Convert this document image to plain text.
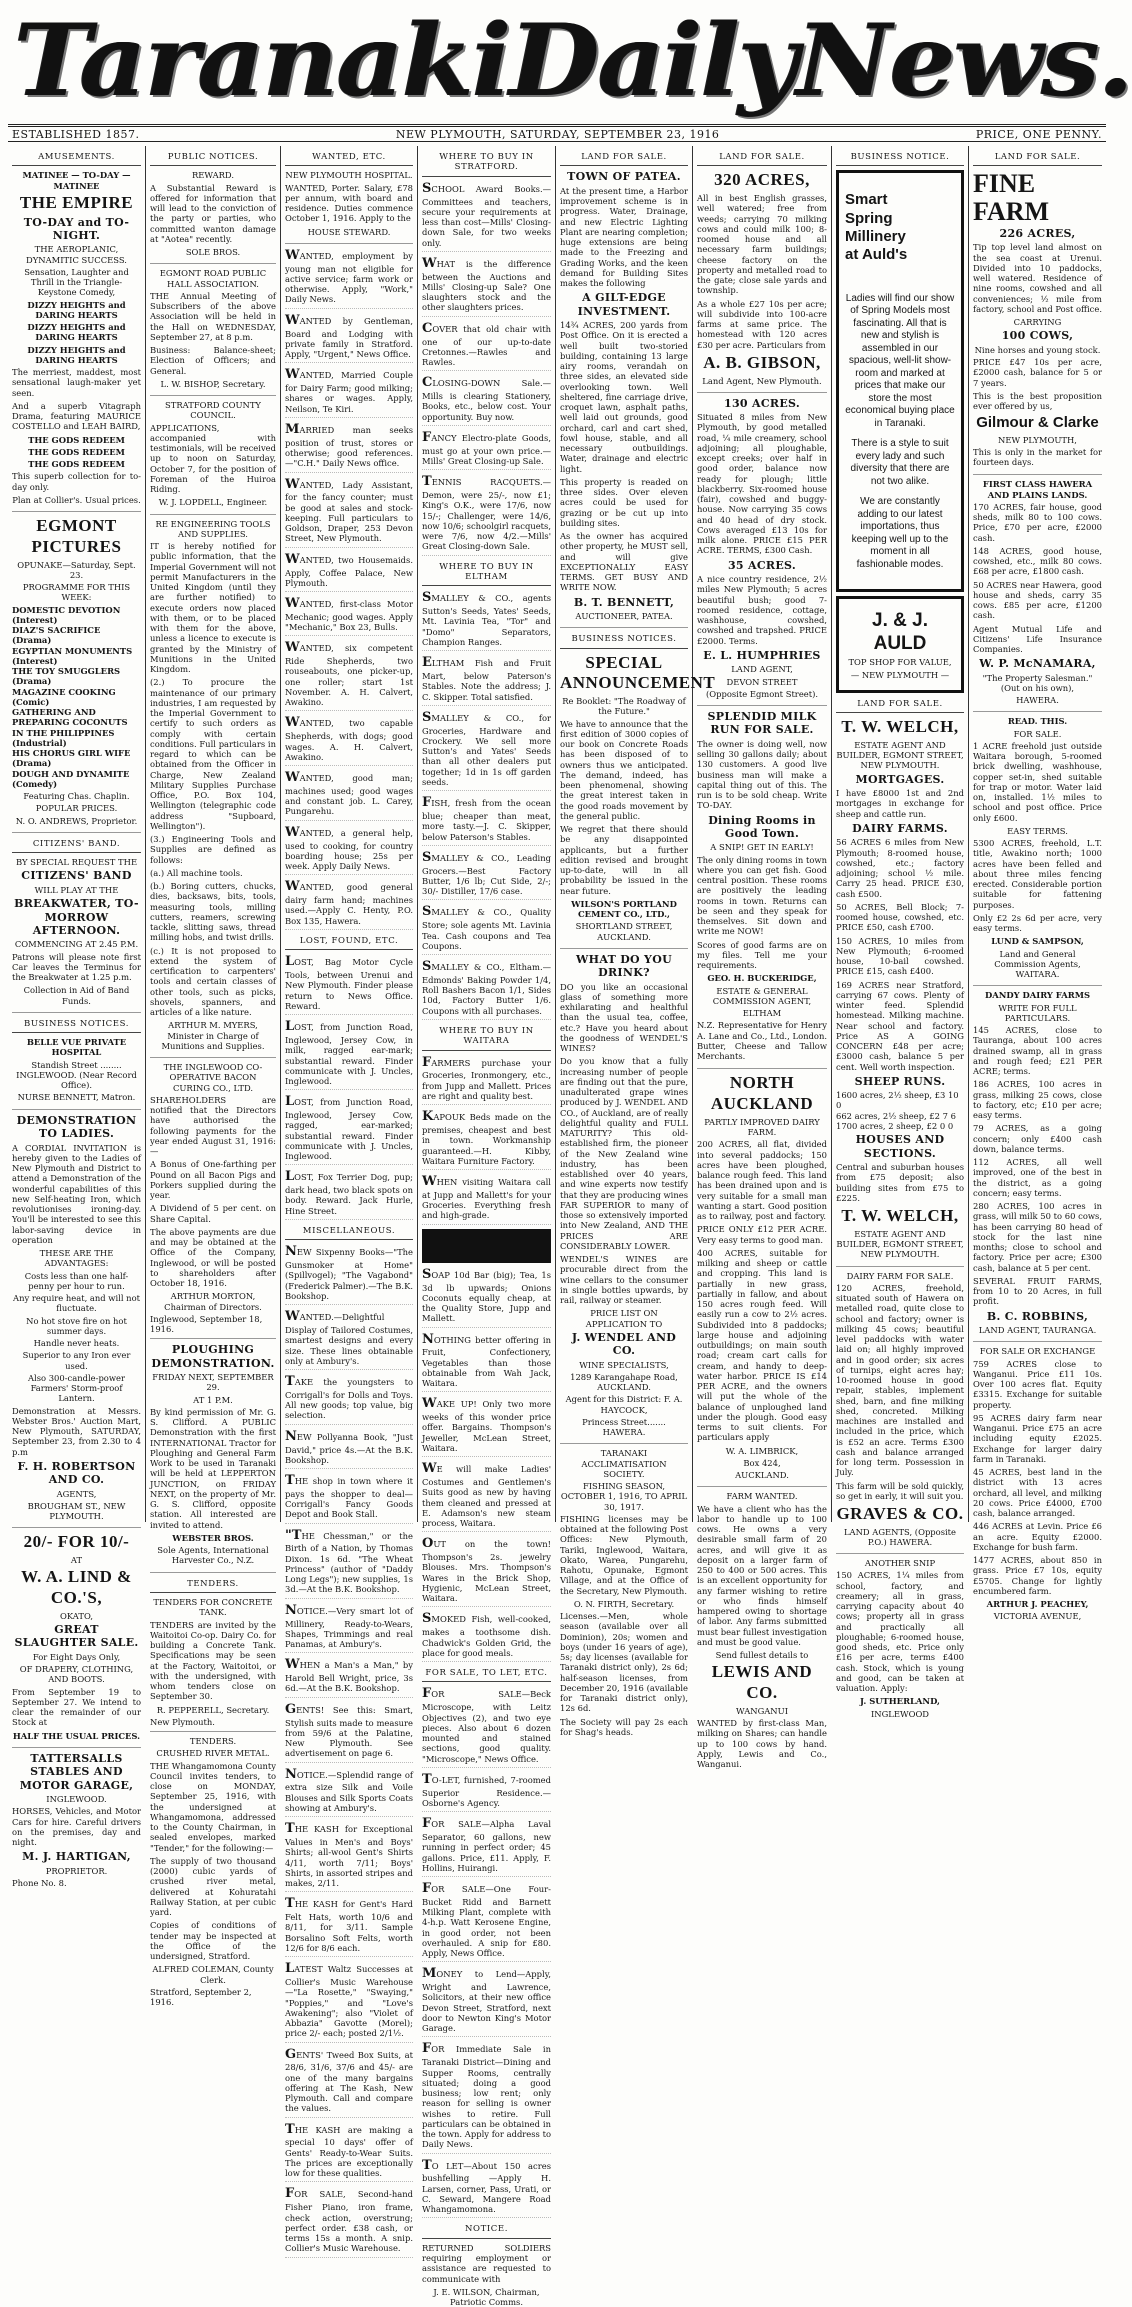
Taranaki Daily News.
ESTABLISHED 1857.	NEW PLYMOUTH, SATURDAY, SEPTEMBER 23, 1916	PRICE, ONE PENNY.
AMUSEMENTS.
MATINEE — TO-DAY — MATINEE
THE EMPIRE
TO-DAY and TO-NIGHT.
THE AEROPLANIC, DYNAMITIC SUCCESS.
Sensation, Laughter and Thrill in the Triangle-Keystone Comedy,
DIZZY HEIGHTS and DARING HEARTS
DIZZY HEIGHTS and DARING HEARTS
DIZZY HEIGHTS and DARING HEARTS
The merriest, maddest, most sensational laugh-maker yet seen.
And a superb Vitagraph Drama, featuring MAURICE COSTELLO and LEAH BAIRD,
THE GODS REDEEM
THE GODS REDEEM
THE GODS REDEEM
This superb collection for to-day only.
Plan at Collier's. Usual prices.
EGMONT PICTURES
OPUNAKE—Saturday, Sept. 23.
PROGRAMME FOR THIS WEEK:
DOMESTIC DEVOTION (Interest)
DIAZ'S SACRIFICE (Drama)
EGYPTIAN MONUMENTS (Interest)
THE TOY SMUGGLERS (Drama)
MAGAZINE COOKING (Comic)
GATHERING AND PREPARING COCONUTS IN THE PHILIPPINES (Industrial)
HIS CHORUS GIRL WIFE (Drama)
DOUGH AND DYNAMITE (Comedy)
Featuring Chas. Chaplin.
POPULAR PRICES.
N. O. ANDREWS, Proprietor.
CITIZENS' BAND.
BY SPECIAL REQUEST THE
CITIZENS' BAND
WILL PLAY AT THE
BREAKWATER, TO-MORROW AFTERNOON.
COMMENCING AT 2.45 P.M.
Patrons will please note first Car leaves the Terminus for the Breakwater at 1.25 p.m.
Collection in Aid of Band Funds.
BUSINESS NOTICES.
BELLE VUE PRIVATE HOSPITAL
Standish Street ........ INGLEWOOD. (Near Record Office).
NURSE BENNETT, Matron.
DEMONSTRATION TO LADIES.
A CORDIAL INVITATION is hereby given to the Ladies of New Plymouth and District to attend a Demonstration of the wonderful capabilities of this new Self-heating Iron, which revolutionises ironing-day. You'll be interested to see this labor-saving device in operation
THESE ARE THE ADVANTAGES:
Costs less than one half-penny per hour to run.
Any require heat, and will not fluctuate.
No hot stove fire on hot summer days.
Handle never heats.
Superior to any Iron ever used.
Also 300-candle-power Farmers' Storm-proof Lantern.
Demonstration at Messrs. Webster Bros.' Auction Mart, New Plymouth, SATURDAY, September 23, from 2.30 to 4 p.m
F. H. ROBERTSON AND CO.
AGENTS,
BROUGHAM ST., NEW PLYMOUTH.
20/- FOR 10/-
AT
W. A. LIND & CO.'S,
OKATO,
GREAT SLAUGHTER SALE.
For Eight Days Only,
OF DRAPERY, CLOTHING, AND BOOTS.
From September 19 to September 27. We intend to clear the remainder of our Stock at
HALF THE USUAL PRICES.
TATTERSALLS STABLES AND MOTOR GARAGE,
INGLEWOOD.
HORSES, Vehicles, and Motor Cars for hire. Careful drivers on the premises, day and night.
M. J. HARTIGAN,
PROPRIETOR.
Phone No. 8.
PUBLIC NOTICES.
REWARD.
A Substantial Reward is offered for information that will lead to the conviction of the party or parties, who committed wanton damage at "Aotea" recently.
SOLE BROS.
EGMONT ROAD PUBLIC HALL ASSOCIATION.
THE Annual Meeting of Subscribers of the above Association will be held in the Hall on WEDNESDAY, September 27, at 8 p.m.
Business: Balance-sheet; Election of Officers; and General.
L. W. BISHOP, Secretary.
STRATFORD COUNTY COUNCIL.
APPLICATIONS, accompanied with testimonials, will be received up to noon on Saturday, October 7, for the position of Foreman of the Huiroa Riding.
W. J. LOPDELL, Engineer.
RE ENGINEERING TOOLS AND SUPPLIES.
IT is hereby notified for public information, that the Imperial Government will not permit Manufacturers in the United Kingdom (until they are further notified) to execute orders now placed with them, or to be placed with them for the above, unless a licence to execute is granted by the Ministry of Munitions in the United Kingdom.
(2.) To procure the maintenance of our primary industries, I am requested by the Imperial Government to certify to such orders as comply with certain conditions. Full particulars in regard to which can be obtained from the Officer in Charge, New Zealand Military Supplies Purchase Office, P.O. Box 104, Wellington (telegraphic code address "Supboard, Wellington").
(3.) Engineering Tools and Supplies are defined as follows:
(a.) All machine tools.
(b.) Boring cutters, chucks, dies, backsaws, bits, tools, measuring tools, milling cutters, reamers, screwing tackle, slitting saws, thread milling hobs, and twist drills.
(c.) It is not proposed to extend the system of certification to carpenters' tools and certain classes of other tools, such as picks, shovels, spanners, and articles of a like nature.
ARTHUR M. MYERS, Minister in Charge of Munitions and Supplies.
THE INGLEWOOD CO-OPERATIVE BACON CURING CO., LTD.
SHAREHOLDERS are notified that the Directors have authorised the following payments for the year ended August 31, 1916:—
A Bonus of One-farthing per Pound on all Bacon Pigs and Porkers supplied during the year.
A Dividend of 5 per cent. on Share Capital.
The above payments are due and may be obtained at the Office of the Company, Inglewood, or will be posted to shareholders after October 18, 1916.
ARTHUR MORTON, Chairman of Directors.
Inglewood, September 18, 1916.
PLOUGHING DEMONSTRATION.
FRIDAY NEXT, SEPTEMBER 29.
AT 1 P.M.
By kind permission of Mr. G. S. Clifford. A PUBLIC Demonstration with the first INTERNATIONAL Tractor for Ploughing and General Farm Work to be used in Taranaki will be held at LEPPERTON JUNCTION, on FRIDAY NEXT, on the property of Mr. G. S. Clifford, opposite station. All interested are invited to attend.
WEBSTER BROS.
Sole Agents, International Harvester Co., N.Z.
TENDERS.
TENDERS FOR CONCRETE TANK.
TENDERS are invited by the Waitoitoi Co-op. Dairy Co. for building a Concrete Tank. Specifications may be seen at the Factory, Waitoitoi, or with the undersigned, with whom tenders close on September 30.
R. PEPPERELL, Secretary.
New Plymouth.
TENDERS.
CRUSHED RIVER METAL.
THE Whangamomona County Council invites tenders, to close on MONDAY, September 25, 1916, with the undersigned at Whangamomona, addressed to the County Chairman, in sealed envelopes, marked "Tender," for the following:—
The supply of two thousand (2000) cubic yards of crushed river metal, delivered at Kohuratahi Railway Station, at per cubic yard.
Copies of conditions of tender may be inspected at the Office of the undersigned, Stratford.
ALFRED COLEMAN, County Clerk.
Stratford, September 2, 1916.
WANTED, ETC.
NEW PLYMOUTH HOSPITAL.
WANTED, Porter. Salary, £78 per annum, with board and residence. Duties commence October 1, 1916. Apply to the
HOUSE STEWARD.
WANTED, employment by young man not eligible for active service; farm work or otherwise. Apply, "Work," Daily News.
WANTED by Gentleman, Board and Lodging with private family in Stratford. Apply, "Urgent," News Office.
WANTED, Married Couple for Dairy Farm; good milking; shares or wages. Apply, Neilson, Te Kiri.
MARRIED man seeks position of trust, stores or otherwise; good references.—"C.H." Daily News office.
WANTED, Lady Assistant, for the fancy counter; must be good at sales and stock-keeping. Full particulars to Goldson, Draper, 253 Devon Street, New Plymouth.
WANTED, two Housemaids. Apply, Coffee Palace, New Plymouth.
WANTED, first-class Motor Mechanic; good wages. Apply "Mechanic," Box 23, Bulls.
WANTED, six competent Ride Shepherds, two rouseabouts, one picker-up, one roller; start 1st November. A. H. Calvert, Awakino.
WANTED, two capable Shepherds, with dogs; good wages. A. H. Calvert, Awakino.
WANTED, good man; machines used; good wages and constant job. L. Carey, Pungarehu.
WANTED, a general help, used to cooking, for country boarding house; 25s per week. Apply Daily News.
WANTED, good general dairy farm hand; machines used.—Apply C. Henty, P.O. Box 135, Hawera.
LOST, FOUND, ETC.
LOST, Bag Motor Cycle Tools, between Urenui and New Plymouth. Finder please return to News Office. Reward.
LOST, from Junction Road, Inglewood, Jersey Cow, in milk, ragged ear-mark; substantial reward. Finder communicate with J. Uncles, Inglewood.
LOST, from Junction Road, Inglewood, Jersey Cow, ragged, ear-marked; substantial reward. Finder communicate with J. Uncles, Inglewood.
LOST, Fox Terrier Dog, pup; dark head, two black spots on body. Reward. Jack Hurle, Hine Street.
MISCELLANEOUS.
NEW Sixpenny Books—"The Gunsmoker at Home" (Spillvogel); "The Vagabond" (Frederick Palmer).—The B.K. Bookshop.
WANTED.—Delightful Display of Tailored Costumes, smartest designs and every size. These lines obtainable only at Ambury's.
TAKE the youngsters to Corrigall's for Dolls and Toys. All new goods; top value, big selection.
NEW Pollyanna Book, "Just David," price 4s.—At the B.K. Bookshop.
THE shop in town where it pays the shopper to deal—Corrigall's Fancy Goods Depot and Book Stall.
"THE Chessman," or the Birth of a Nation, by Thomas Dixon. 1s 6d. "The Wheat Princess" (author of "Daddy Long Legs"); new supplies, 1s 3d.—At the B.K. Bookshop.
NOTICE.—Very smart lot of Millinery, Ready-to-Wears, Shapes, Trimmings and real Panamas, at Ambury's.
WHEN a Man's a Man," by Harold Bell Wright, price, 3s 6d.—At the B.K. Bookshop.
GENTS! See this: Smart, Stylish suits made to measure from 59/6 at the Palatine, New Plymouth. See advertisement on page 6.
NOTICE.—Splendid range of extra size Silk and Voile Blouses and Silk Sports Coats showing at Ambury's.
THE KASH for Exceptional Values in Men's and Boys' Shirts; all-wool Gent's Shirts 4/11, worth 7/11; Boys' Shirts, in assorted stripes and makes, 2/11.
THE KASH for Gent's Hard Felt Hats, worth 10/6 and 8/11, for 3/11. Sample Borsalino Soft Felts, worth 12/6 for 8/6 each.
LATEST Waltz Successes at Collier's Music Warehouse—"La Rosette," "Swaying," "Poppies," and "Love's Awakening"; also "Violet of Abbazia" Gavotte (Morel); price 2/- each; posted 2/1½.
GENTS' Tweed Box Suits, at 28/6, 31/6, 37/6 and 45/- are one of the many bargains offering at The Kash, New Plymouth. Call and compare the values.
THE KASH are making a special 10 days' offer of Gents' Ready-to-Wear Suits. The prices are exceptionally low for these qualities.
FOR SALE, Second-hand Fisher Piano, iron frame, check action, overstrung; perfect order. £38 cash, or terms 15s a month. A snip. Collier's Music Warehouse.
WHERE TO BUY IN STRATFORD.
SCHOOL Award Books.—Committees and teachers, secure your requirements at less than cost—Mills' Closing-down Sale, for two weeks only.
WHAT is the difference between the Auctions and Mills' Closing-up Sale? One slaughters stock and the other slaughters prices.
COVER that old chair with one of our up-to-date Cretonnes.—Rawles and Rawles.
CLOSING-DOWN Sale.—Mills is clearing Stationery, Books, etc., below cost. Your opportunity. Buy now.
FANCY Electro-plate Goods, must go at your own price.—Mills' Great Closing-up Sale.
TENNIS RACQUETS.—Demon, were 25/-, now £1; King's O.K., were 17/6, now 15/-; Challenger, were 14/6, now 10/6; schoolgirl racquets, were 7/6, now 4/2.—Mills' Great Closing-down Sale.
WHERE TO BUY IN ELTHAM
SMALLEY & CO., agents Sutton's Seeds, Yates' Seeds, Mt. Lavinia Tea, "Tor" and "Domo" Separators, Champion Ranges.
ELTHAM Fish and Fruit Mart, below Paterson's Stables. Note the address; J. C. Skipper. Total satisfied.
SMALLEY & CO., for Groceries, Hardware and Crockery. We sell more Sutton's and Yates' Seeds than all other dealers put together; 1d in 1s off garden seeds.
FISH, fresh from the ocean blue; cheaper than meat, more tasty.—J. C. Skipper, below Paterson's Stables.
SMALLEY & CO., Leading Grocers.—Best Factory Butter, 1/6 lb; Cut Side, 2/-; 30/- Distiller, 17/6 case.
SMALLEY & CO., Quality Store; sole agents Mt. Lavinia Tea. Cash coupons and Tea Coupons.
SMALLEY & CO., Eltham.—Edmonds' Baking Powder 1/4, Roll Bashers Bacon 1/1, Sides 10d, Factory Butter 1/6. Coupons with all purchases.
WHERE TO BUY IN WAITARA
FARMERS purchase your Groceries, Ironmongery, etc., from Jupp and Mallett. Prices are right and quality best.
KAPOUK Beds made on the premises, cheapest and best in town. Workmanship guaranteed.—H. Kibby, Waitara Furniture Factory.
WHEN visiting Waitara call at Jupp and Mallett's for your Groceries. Everything fresh and high-grade.
SOAP 10d Bar (big); Tea, 1s 3d lb upwards; Onions Coconuts equally cheap, at the Quality Store, Jupp and Mallett.
NOTHING better offering in Fruit, Confectionery, Vegetables than those obtainable from Wah Jack, Waitara.
WAKE UP! Only two more weeks of this wonder price offer. Bargains. Thompson's Jeweller, McLean Street, Waitara.
WE will make Ladies' Costumes and Gentlemen's Suits good as new by having them cleaned and pressed at E. Adamson's new steam process, Waitara.
OUT on the town! Thompson's 2s. jewelry Blouses. Mrs. Thompson's Wares in the Brick Shop, Hygienic, McLean Street, Waitara.
SMOKED Fish, well-cooked, makes a toothsome dish. Chadwick's Golden Grid, the place for good meals.
FOR SALE, TO LET, ETC.
FOR SALE—Beck Microscope, with Leitz Objectives (2), and two eye pieces. Also about 6 dozen mounted and stained sections, good quality. "Microscope," News Office.
TO-LET, furnished, 7-roomed Superior Residence.—Osborne's Agency.
FOR SALE—Alpha Laval Separator, 60 gallons, new running in perfect order; 45 gallons. Price, £11. Apply, F. Hollins, Huirangi.
FOR SALE—One Four-Bucket Ridd and Barnett Milking Plant, complete with 4-h.p. Watt Kerosene Engine, in good order, not been overhauled. A snip for £80. Apply, News Office.
MONEY to Lend—Apply, Wright and Lawrence, Solicitors, at their new office Devon Street, Stratford, next door to Newton King's Motor Garage.
FOR Immediate Sale in Taranaki District—Dining and Supper Rooms, centrally situated; doing a good business; low rent; only reason for selling is owner wishes to retire. Full particulars can be obtained in the town. Apply for address to Daily News.
TO LET—About 150 acres bushfelling —Apply H. Larsen, corner, Pass, Urati, or C. Seward, Mangere Road Whangamomona.
NOTICE.
RETURNED SOLDIERS requiring employment or assistance are requested to communicate with
J. E. WILSON, Chairman, Patriotic Comms.
LAND FOR SALE.
TOWN OF PATEA.
At the present time, a Harbor improvement scheme is in progress. Water, Drainage, and new Electric Lighting Plant are nearing completion; huge extensions are being made to the Freezing and Grading Works, and the keen demand for Building Sites makes the following
A GILT-EDGE INVESTMENT.
14¾ ACRES, 200 yards from Post Office. On it is erected a well built two-storied building, containing 13 large airy rooms, verandah on three sides, an elevated side overlooking town. Well sheltered, fine carriage drive, croquet lawn, asphalt paths, well laid out grounds, good orchard, carl and cart shed, fowl house, stable, and all necessary outbuildings. Water, drainage and electric light.
This property is readed on three sides. Over eleven acres could be used for grazing or be cut up into building sites.
As the owner has acquired other property, he MUST sell, and will give EXCEPTIONALLY EASY TERMS. GET BUSY AND WRITE NOW.
B. T. BENNETT,
AUCTIONEER, PATEA.
BUSINESS NOTICES.
SPECIAL ANNOUNCEMENT
Re Booklet: "The Roadway of the Future."
We have to announce that the first edition of 3000 copies of our book on Concrete Roads has been disposed of to owners thus we anticipated. The demand, indeed, has been phenomenal, showing the great interest taken in the good roads movement by the general public.
We regret that there should be any disappointed applicants, but a further edition revised and brought up-to-date, will in all probability be issued in the near future.
WILSON'S PORTLAND CEMENT CO., LTD.,
SHORTLAND STREET, AUCKLAND.
WHAT DO YOU DRINK?
DO you like an occasional glass of something more exhilarating and healthful than the usual tea, coffee, etc.? Have you heard about the goodness of WENDEL'S WINES?
Do you know that a fully increasing number of people are finding out that the pure, unadulterated grape wines produced by J. WENDEL AND CO., of Auckland, are of really delightful quality and FULL MATURITY? This old-established firm, the pioneer of the New Zealand wine industry, has been established over 40 years, and wine experts now testify that they are producing wines FAR SUPERIOR to many of those so extensively imported into New Zealand, AND THE PRICES ARE CONSIDERABLY LOWER.
WENDEL'S WINES are procurable direct from the wine cellars to the consumer in single bottles upwards, by rail, railway or steamer.
PRICE LIST ON APPLICATION TO
J. WENDEL AND CO.
WINE SPECIALISTS,
1289 Karangahape Road, AUCKLAND.
Agent for this District: F. A. HAYCOCK,
Princess Street....... HAWERA.
TARANAKI ACCLIMATISATION SOCIETY.
FISHING SEASON, OCTOBER 1, 1916, TO APRIL 30, 1917.
FISHING licenses may be obtained at the following Post Offices: New Plymouth, Tariki, Inglewood, Waitara, Okato, Warea, Pungarehu, Rahotu, Opunake, Egmont Village, and at the Office of the Secretary, New Plymouth.
O. N. FIRTH, Secretary.
Licenses.—Men, whole season (available over all Dominion), 20s; women and boys (under 16 years of age), 5s; day licenses (available for Taranaki district only), 2s 6d; half-season licenses, from December 20, 1916 (available for Taranaki district only), 12s 6d.
The Society will pay 2s each for Shag's heads.
LAND FOR SALE.
320 ACRES,
All in best English grasses, well watered; free from weeds; carrying 70 milking cows and could milk 100; 8-roomed house and all necessary farm buildings; cheese factory on the property and metalled road to the gate; close sale yards and township.
As a whole £27 10s per acre; will subdivide into 100-acre farms at same price. The homestead with 120 acres £30 per acre. Particulars from
A. B. GIBSON,
Land Agent, New Plymouth.
130 ACRES.
Situated 8 miles from New Plymouth, by good metalled road, ¼ mile creamery, school adjoining; all ploughable, except creeks; over half in good order, balance now ready for plough; little blackberry. Six-roomed house (fair), cowshed and buggy-house. Now carrying 35 cows and 40 head of dry stock. Cows averaged £13 10s for milk alone. PRICE £15 PER ACRE. TERMS, £300 Cash.
35 ACRES.
A nice country residence, 2½ miles New Plymouth; 5 acres beautiful bush; good 7-roomed residence, cottage, washhouse, cowshed, cowshed and trapshed. PRICE £2000. Terms.
E. L. HUMPHRIES
LAND AGENT,
DEVON STREET
(Opposite Egmont Street).
SPLENDID MILK RUN FOR SALE.
The owner is doing well, now selling 30 gallons daily; about 130 customers. A good live business man will make a capital thing out of this. The run is to be sold cheap. Write TO-DAY.
Dining Rooms in Good Town.
A SNIP! GET IN EARLY!
The only dining rooms in town where you can get fish. Good central position. These rooms are positively the leading rooms in town. Returns can be seen and they speak for themselves. Sit down and write me NOW!
Scores of good farms are on my files. Tell me your requirements.
GEO. H. BUCKERIDGE,
ESTATE & GENERAL COMMISSION AGENT,
ELTHAM
N.Z. Representative for Henry A. Lane and Co., Ltd., London. Butter, Cheese and Tallow Merchants.
NORTH AUCKLAND
PARTLY IMPROVED DAIRY FARM.
200 ACRES, all flat, divided into several paddocks; 150 acres have been ploughed, balance rough feed. This land has been drained upon and is very suitable for a small man wanting a start. Good position as to railway, post and factory.
PRICE ONLY £12 PER ACRE. Very easy terms to good man.
400 ACRES, suitable for milking and sheep or cattle and cropping. This land is partially in new grass, partially in fallow, and about 150 acres rough feed. Will easily run a cow to 2½ acres. Subdivided into 8 paddocks; large house and adjoining outbuildings; on main south road; cream cart calls for cream, and handy to deep-water harbor. PRICE IS £14 PER ACRE, and the owners will put the whole of the balance of unploughed land under the plough. Good easy terms to suit clients. For particulars apply
W. A. LIMBRICK,
Box 424,
AUCKLAND.
FARM WANTED.
We have a client who has the labor to handle up to 100 cows. He owns a very desirable small farm of 20 acres, and will give it as deposit on a larger farm of 250 to 400 or 500 acres. This is an excellent opportunity for any farmer wishing to retire or who finds himself hampered owing to shortage of labor. Any farms submitted must bear fullest investigation and must be good value.
Send fullest details to
LEWIS AND CO.
WANGANUI
WANTED by first-class Man, milking on Shares; can handle up to 100 cows by hand. Apply, Lewis and Co., Wanganui.
BUSINESS NOTICE.
Smart
Spring Millinery
at Auld's
Ladies will find our show of Spring Models most fascinating. All that is new and stylish is assembled in our spacious, well-lit show-room and marked at prices that make our store the most economical buying place in Taranaki.
There is a style to suit every lady and such diversity that there are not two alike.
We are constantly adding to our latest importations, thus keeping well up to the moment in all fashionable modes.
J. & J. AULD
TOP SHOP FOR VALUE,
— NEW PLYMOUTH —
LAND FOR SALE.
T. W. WELCH,
ESTATE AGENT AND BUILDER, EGMONT STREET, NEW PLYMOUTH.
MORTGAGES.
I have £8000 1st and 2nd mortgages in exchange for sheep and cattle run.
DAIRY FARMS.
56 ACRES 6 miles from New Plymouth; 8-roomed house, cowshed, etc.; factory adjoining; school ½ mile. Carry 25 head. PRICE £30, cash £500.
50 ACRES, Bell Block; 7-roomed house, cowshed, etc. PRICE £50, cash £700.
150 ACRES, 10 miles from New Plymouth; 6-roomed house, 10-bail cowshed. PRICE £15, cash £400.
169 ACRES near Stratford, carrying 67 cows. Plenty of winter feed. Splendid homestead. Milking machine. Near school and factory. Price AS A GOING CONCERN £48 per acre; £3000 cash, balance 5 per cent. Well worth inspection.
SHEEP RUNS.
1600 acres, 2½ sheep, £3 10 0
662 acres, 2½ sheep, £2 7 6
1700 acres, 2 sheep, £2 0 0
HOUSES AND SECTIONS.
Central and suburban houses from £75 deposit; also building sites from £75 to £225.
T. W. WELCH,
ESTATE AGENT AND BUILDER, EGMONT STREET, NEW PLYMOUTH.
DAIRY FARM FOR SALE.
120 ACRES, freehold, situated south of Hawera on metalled road, quite close to school and factory; owner is milking 45 cows; beautiful level paddocks with water laid on; all highly improved and in good order; six acres of turnips, eight acres hay; 10-roomed house in good repair, stables, implement shed, barn, and fine milking shed, concreted. Milking machines are installed and included in the price, which is £52 an acre. Terms £300 cash and balance arranged for long term. Possession in July.
This farm will be sold quickly, so get in early, it will suit you.
GRAVES & CO.
LAND AGENTS, (Opposite P.O.) HAWERA.
ANOTHER SNIP
150 ACRES, 1¼ miles from school, factory, and creamery; all in grass, carrying capacity about 40 cows; property all in grass and practically all ploughable; 6-roomed house, good sheds, etc. Price only £16 per acre, terms £400 cash. Stock, which is young and good, can be taken at valuation. Apply:
J. SUTHERLAND,
INGLEWOOD
LAND FOR SALE.
FINE FARM
226 ACRES,
Tip top level land almost on the sea coast at Urenui. Divided into 10 paddocks, well watered. Residence of nine rooms, cowshed and all conveniences; ½ mile from factory, school and Post office.
CARRYING
100 COWS,
Nine horses and young stock.
PRICE £47 10s per acre, £2000 cash, balance for 5 or 7 years.
This is the best proposition ever offered by us,
Gilmour & Clarke
NEW PLYMOUTH,
This is only in the market for fourteen days.
FIRST CLASS HAWERA AND PLAINS LANDS.
170 ACRES, fair house, good sheds, milk 80 to 100 cows. Price, £70 per acre, £2000 cash.
148 ACRES, good house, cowshed, etc., milk 80 cows. £68 per acre, £1800 cash.
50 ACRES near Hawera, good house and sheds, carry 35 cows. £85 per acre, £1200 cash.
Agent Mutual Life and Citizens' Life Insurance Companies.
W. P. McNAMARA,
"The Property Salesman." (Out on his own),
HAWERA.
READ. THIS.
FOR SALE.
1 ACRE freehold just outside Waitara borough, 5-roomed brick dwelling, washhouse, copper set-in, shed suitable for trap or motor. Water laid on, installed. 1½ miles to school and post office. Price only £600.
EASY TERMS.
5300 ACRES, freehold, L.T. title, Awakino north; 1000 acres have been felled and about three miles fencing erected. Considerable portion suitable for fattening purposes.
Only £2 2s 6d per acre, very easy terms.
LUND & SAMPSON,
Land and General Commission Agents, WAITARA.
DANDY DAIRY FARMS
WRITE FOR FULL PARTICULARS.
145 ACRES, close to Tauranga, about 100 acres drained swamp, all in grass and rough feed; £21 PER ACRE; terms.
186 ACRES, 100 acres in grass, milking 25 cows, close to factory, etc; £10 per acre; easy terms.
79 ACRES, as a going concern; only £400 cash down, balance terms.
112 ACRES, all well improved, one of the best in the district, as a going concern; easy terms.
280 ACRES, 100 acres in grass, will milk 50 to 60 cows, has been carrying 80 head of stock for the last nine months; close to school and factory. Price per acre; £300 cash, balance at 5 per cent.
SEVERAL FRUIT FARMS, from 10 to 20 Acres, in full profit.
B. C. ROBBINS,
LAND AGENT, TAURANGA.
FOR SALE OR EXCHANGE
759 ACRES close to Wanganui. Price £11 10s. Over 100 acres flat. Equity £3315. Exchange for suitable property.
95 ACRES dairy farm near Wanganui. Price £75 an acre including equity £2025. Exchange for larger dairy farm in Taranaki.
45 ACRES, best land in the district with 13 acres orchard, all level, and milking 20 cows. Price £4000, £700 cash, balance arranged.
446 ACRES at Levin. Price £6 an acre. Equity £2000. Exchange for bush farm.
1477 ACRES, about 850 in grass. Price £7 10s, equity £5705. Change for lightly encumbered farm.
ARTHUR J. PEACHEY,
VICTORIA AVENUE,
